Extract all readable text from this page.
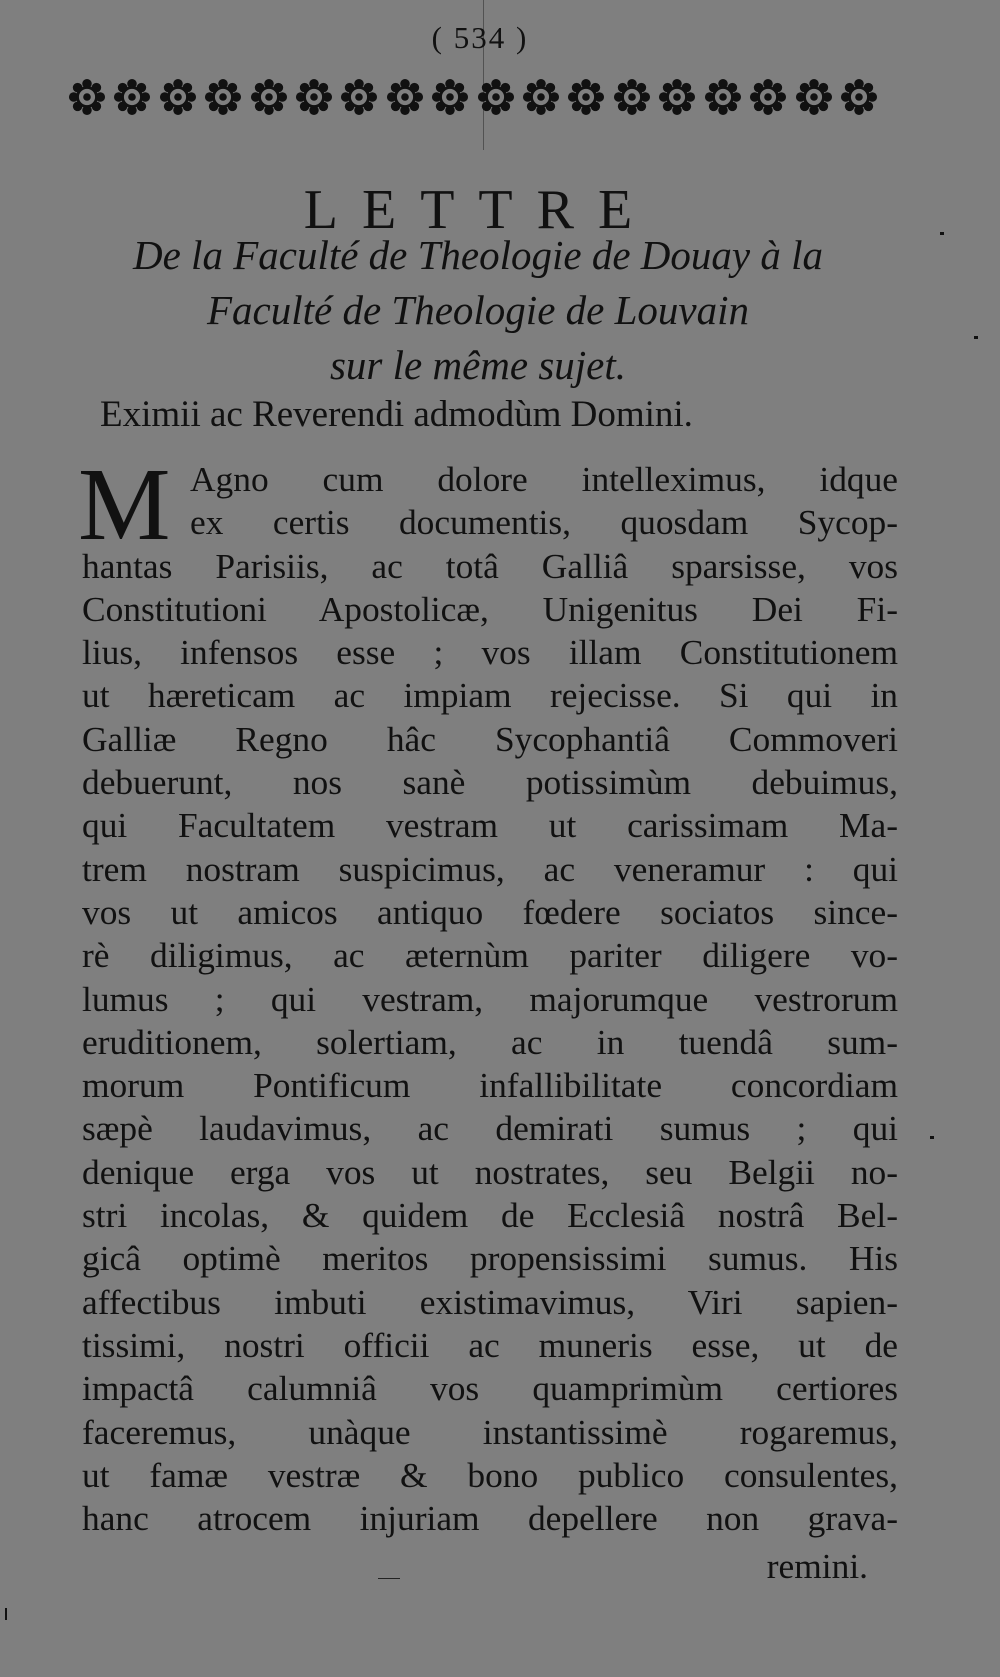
( 534 )
LETTRE
De la Faculté de Theologie de Douay à la
Faculté de Theologie de Louvain
sur le même sujet.
Eximii ac Reverendi admodùm Domini.
M Agno cum dolore intelleximus, idque
ex certis documentis, quosdam Sycop-
hantas Parisiis, ac totâ Galliâ sparsisse, vos
Constitutioni Apostolicæ, Unigenitus Dei Fi-
lius, infensos esse ; vos illam Constitutionem
ut hæreticam ac impiam rejecisse. Si qui in
Galliæ Regno hâc Sycophantiâ Commoveri
debuerunt, nos sanè potissimùm debuimus,
qui Facultatem vestram ut carissimam Ma-
trem nostram suspicimus, ac veneramur : qui
vos ut amicos antiquo fœdere sociatos since-
rè diligimus, ac æternùm pariter diligere vo-
lumus ; qui vestram, majorumque vestrorum
eruditionem, solertiam, ac in tuendâ sum-
morum Pontificum infallibilitate concordiam
sæpè laudavimus, ac demirati sumus ; qui
denique erga vos ut nostrates, seu Belgii no-
stri incolas, & quidem de Ecclesiâ nostrâ Bel-
gicâ optimè meritos propensissimi sumus. His
affectibus imbuti existimavimus, Viri sapien-
tissimi, nostri officii ac muneris esse, ut de
impactâ calumniâ vos quamprimùm certiores
faceremus, unàque instantissimè rogaremus,
ut famæ vestræ & bono publico consulentes,
hanc atrocem injuriam depellere non grava-
remini.
